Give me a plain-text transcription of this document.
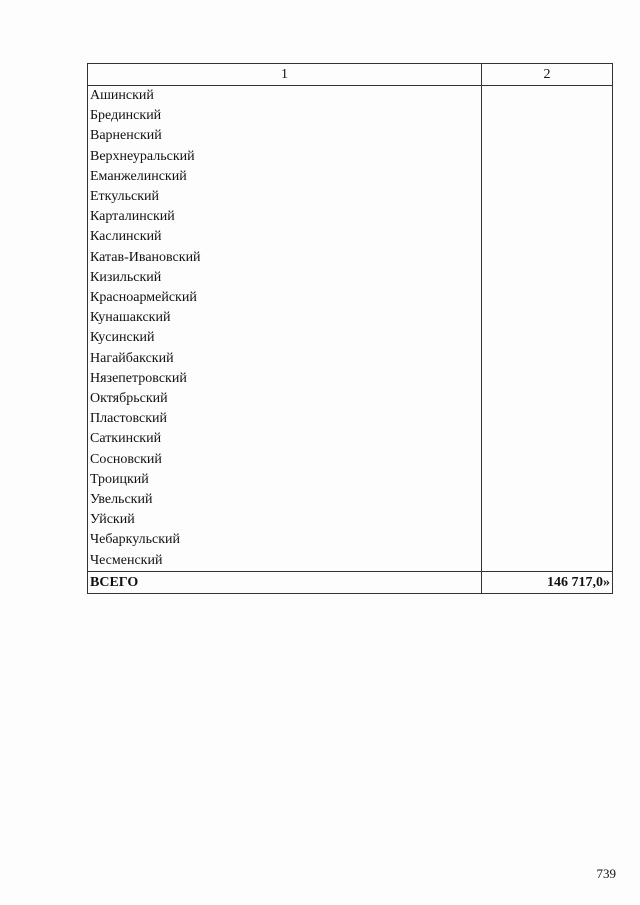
1	2
Ашинский	
Брединский	
Варненский	
Верхнеуральский	
Еманжелинский	
Еткульский	
Карталинский	
Каслинский	
Катав-Ивановский	
Кизильский	
Красноармейский	
Кунашакский	
Кусинский	
Нагайбакский	
Нязепетровский	
Октябрьский	
Пластовский	
Саткинский	
Сосновский	
Троицкий	
Увельский	
Уйский	
Чебаркульский	
Чесменский	
ВСЕГО	146 717,0»
739
